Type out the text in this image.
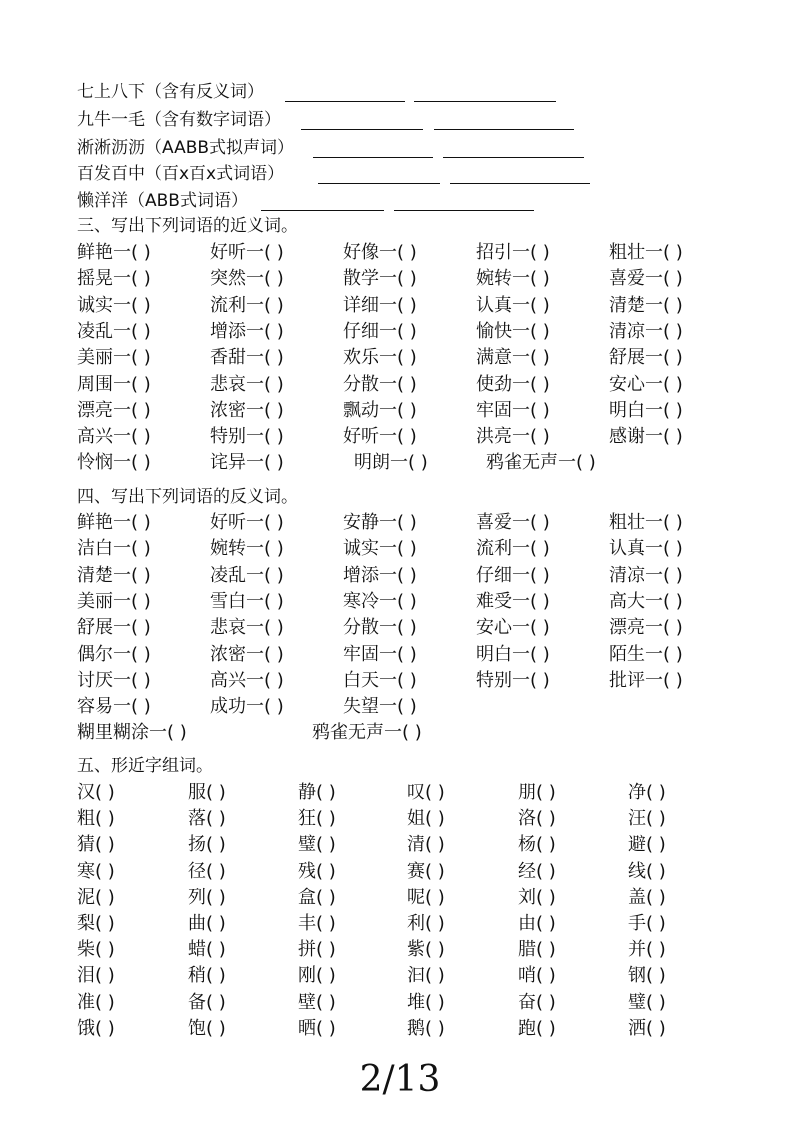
七上八下（含有反义词）
九牛一毛（含有数字词语）
淅淅沥沥（AABB式拟声词）
百发百中（百x百x式词语）
懒洋洋（ABB式词语）
三、写出下列词语的近义词。
鲜艳一( )	好听一( )	好像一( )	招引一( )	粗壮一( )
摇晃一( )	突然一( )	散学一( )	婉转一( )	喜爱一( )
诚实一( )	流利一( )	详细一( )	认真一( )	清楚一( )
凌乱一( )	增添一( )	仔细一( )	愉快一( )	清凉一( )
美丽一( )	香甜一( )	欢乐一( )	满意一( )	舒展一( )
周围一( )	悲哀一( )	分散一( )	使劲一( )	安心一( )
漂亮一( )	浓密一( )	飘动一( )	牢固一( )	明白一( )
高兴一( )	特别一( )	好听一( )	洪亮一( )	感谢一( )
怜悯一( )	诧异一( )	明朗一( )	鸦雀无声一( )
四、写出下列词语的反义词。
鲜艳一( )	好听一( )	安静一( )	喜爱一( )	粗壮一( )
洁白一( )	婉转一( )	诚实一( )	流利一( )	认真一( )
清楚一( )	凌乱一( )	增添一( )	仔细一( )	清凉一( )
美丽一( )	雪白一( )	寒冷一( )	难受一( )	高大一( )
舒展一( )	悲哀一( )	分散一( )	安心一( )	漂亮一( )
偶尔一( )	浓密一( )	牢固一( )	明白一( )	陌生一( )
讨厌一( )	高兴一( )	白天一( )	特别一( )	批评一( )
容易一( )	成功一( )	失望一( )
糊里糊涂一( )	鸦雀无声一( )
五、形近字组词。
汉( )	服( )	静( )	叹( )	朋( )	净( )
粗( )	落( )	狂( )	姐( )	洛( )	汪( )
猜( )	扬( )	璧( )	清( )	杨( )	避( )
寒( )	径( )	残( )	赛( )	经( )	线( )
泥( )	列( )	盒( )	呢( )	刘( )	盖( )
梨( )	曲( )	丰( )	利( )	由( )	手( )
柴( )	蜡( )	拼( )	紫( )	腊( )	并( )
泪( )	稍( )	刚( )	汩( )	哨( )	钢( )
准( )	备( )	壁( )	堆( )	奋( )	璧( )
饿( )	饱( )	晒( )	鹅( )	跑( )	洒( )
2/13
